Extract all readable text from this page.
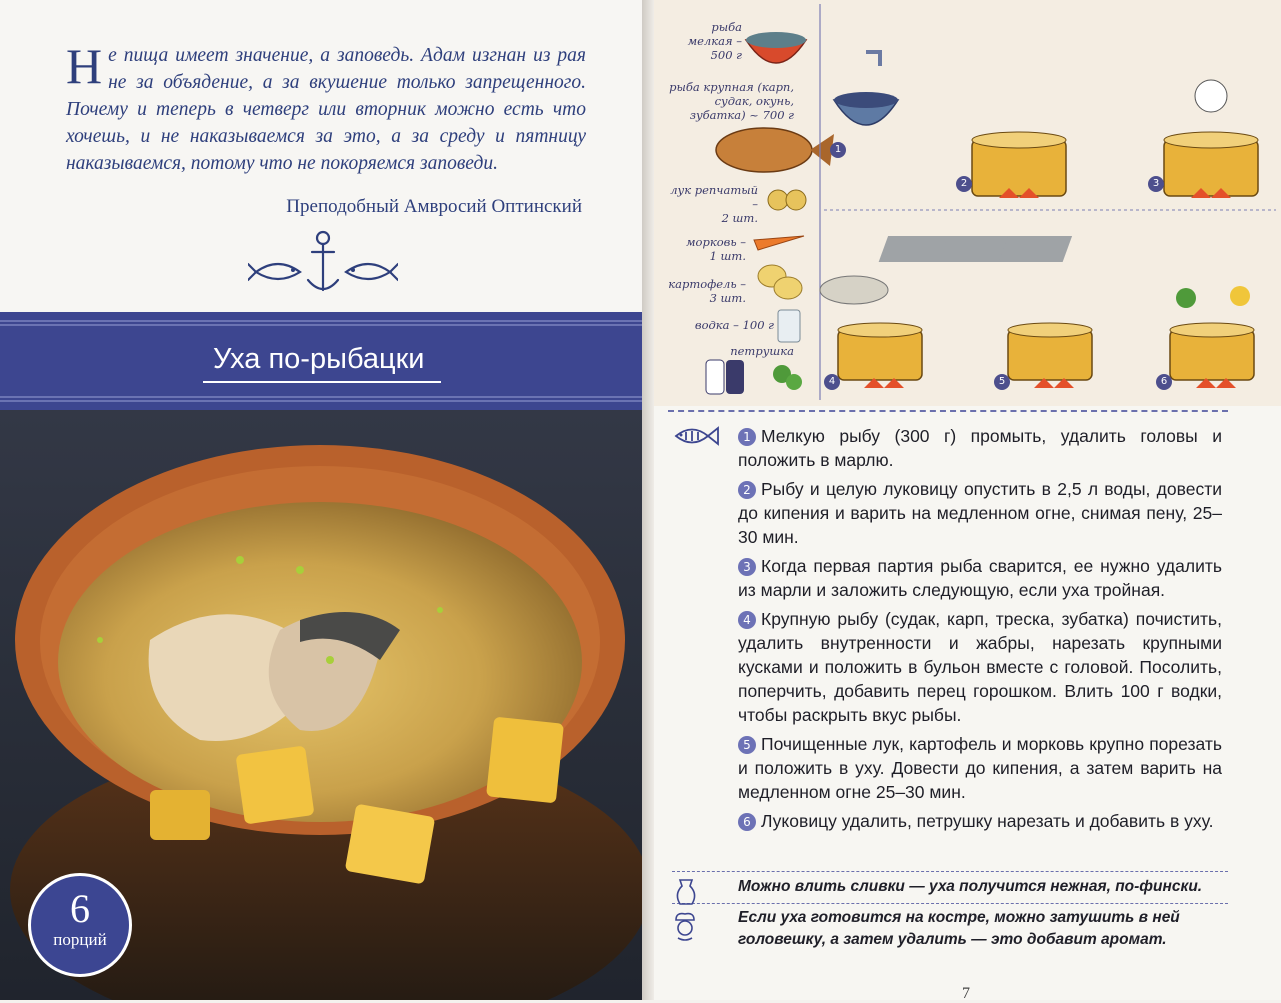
Не пища имеет значение, а заповедь. Адам изгнан из рая не за объядение, а за вкушение только запрещенного. Почему и теперь в четверг или вторник можно есть что хочешь, и не наказываемся за это, а за среду и пятницу наказываемся, потому что не покоряемся заповеди.
Преподобный Амвросий Оптинский
Уха по-рыбацки
6
порций
рыба мелкая –
500 г
рыба крупная (карп, судак, окунь, зубатка) ~ 700 г
лук репчатый –
2 шт.
морковь –
1 шт.
картофель –
3 шт.
водка – 100 г
петрушка
1
2	3
4	5	6
1 Мелкую рыбу (300 г) промыть, удалить головы и положить в марлю.
2 Рыбу и целую луковицу опустить в 2,5 л воды, довести до кипения и варить на медленном огне, снимая пену, 25–30 мин.
3 Когда первая партия рыба сварится, ее нужно удалить из марли и заложить следующую, если уха тройная.
4 Крупную рыбу (судак, карп, треска, зубатка) почистить, удалить внутренности и жабры, нарезать крупными кусками и положить в бульон вместе с головой. Посолить, поперчить, добавить перец горошком. Влить 100 г водки, чтобы раскрыть вкус рыбы.
5 Почищенные лук, картофель и морковь крупно порезать и положить в уху. Довести до кипения, а затем варить на медленном огне 25–30 мин.
6 Луковицу удалить, петрушку нарезать и добавить в уху.
Можно влить сливки — уха получится нежная, по-фински.
Если уха готовится на костре, можно затушить в ней головешку, а затем удалить — это добавит аромат.
7
